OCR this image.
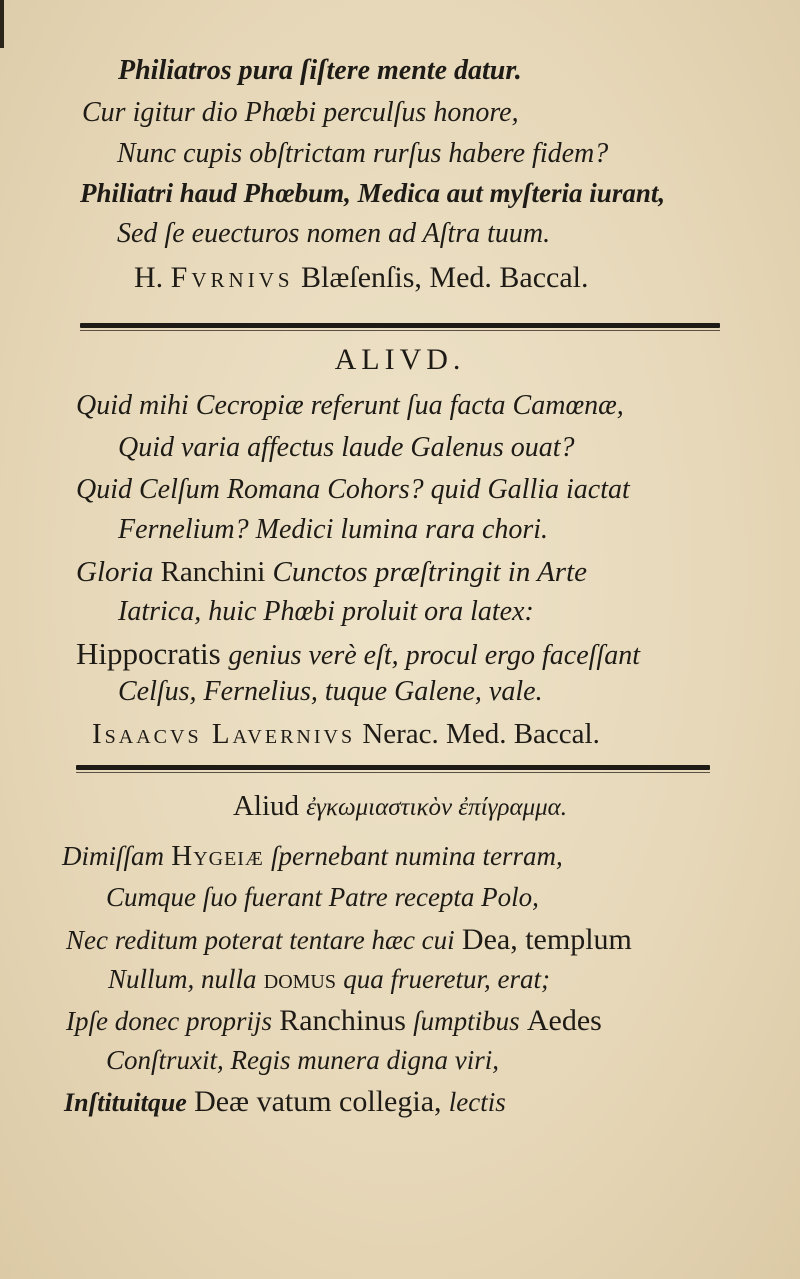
Philiatros pura ſiſtere mente datur.
Cur igitur dio Phœbi perculſus honore,
Nunc cupis obſtrictam rurſus habere fidem?
Philiatri haud Phœbum, Medica aut myſteria iurant,
Sed ſe euecturos nomen ad Aſtra tuum.
H. Fvrnivs Blæſenſis, Med. Baccal.
ALIVD.
Quid mihi Cecropiæ referunt ſua facta Camœnæ,
Quid varia affectus laude Galenus ouat?
Quid Celſum Romana Cohors? quid Gallia iactat
Fernelium? Medici lumina rara chori.
Gloria Ranchini Cunctos præſtringit in Arte
Iatrica, huic Phœbi proluit ora latex:
Hippocratis genius verè eſt, procul ergo faceſſant
Celſus, Fernelius, tuque Galene, vale.
Isaacvs Lavernivs Nerac. Med. Baccal.
Aliud ἐγκωμιαστικὸν ἐπίγραμμα.
Dimiſſam Hygeiæ ſpernebant numina terram,
Cumque ſuo fuerant Patre recepta Polo,
Nec reditum poterat tentare hæc cui Dea, templum
Nullum, nulla domus qua frueretur, erat;
Ipſe donec proprijs Ranchinus ſumptibus Aedes
Conſtruxit, Regis munera digna viri,
Inſtituitque Deæ vatum collegia, lectis
